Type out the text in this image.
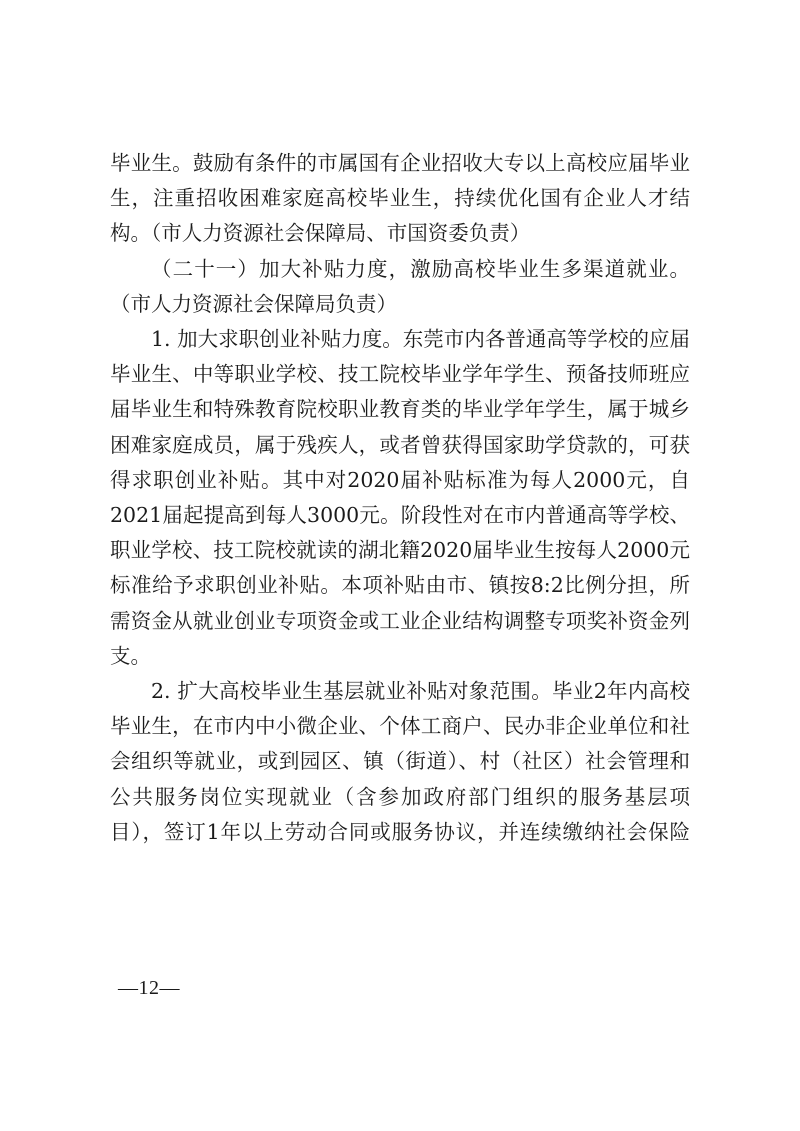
毕业生。鼓励有条件的市属国有企业招收大专以上高校应届毕业生，注重招收困难家庭高校毕业生，持续优化国有企业人才结构。（市人力资源社会保障局、市国资委负责）

（二十一）加大补贴力度，激励高校毕业生多渠道就业。（市人力资源社会保障局负责）

1. 加大求职创业补贴力度。东莞市内各普通高等学校的应届毕业生、中等职业学校、技工院校毕业学年学生、预备技师班应届毕业生和特殊教育院校职业教育类的毕业学年学生，属于城乡困难家庭成员，属于残疾人，或者曾获得国家助学贷款的，可获得求职创业补贴。其中对2020届补贴标准为每人2000元，自2021届起提高到每人3000元。阶段性对在市内普通高等学校、职业学校、技工院校就读的湖北籍2020届毕业生按每人2000元标准给予求职创业补贴。本项补贴由市、镇按8:2比例分担，所需资金从就业创业专项资金或工业企业结构调整专项奖补资金列支。

2. 扩大高校毕业生基层就业补贴对象范围。毕业2年内高校毕业生，在市内中小微企业、个体工商户、民办非企业单位和社会组织等就业，或到园区、镇（街道）、村（社区）社会管理和公共服务岗位实现就业（含参加政府部门组织的服务基层项目），签订1年以上劳动合同或服务协议，并连续缴纳社会保险

—12—
